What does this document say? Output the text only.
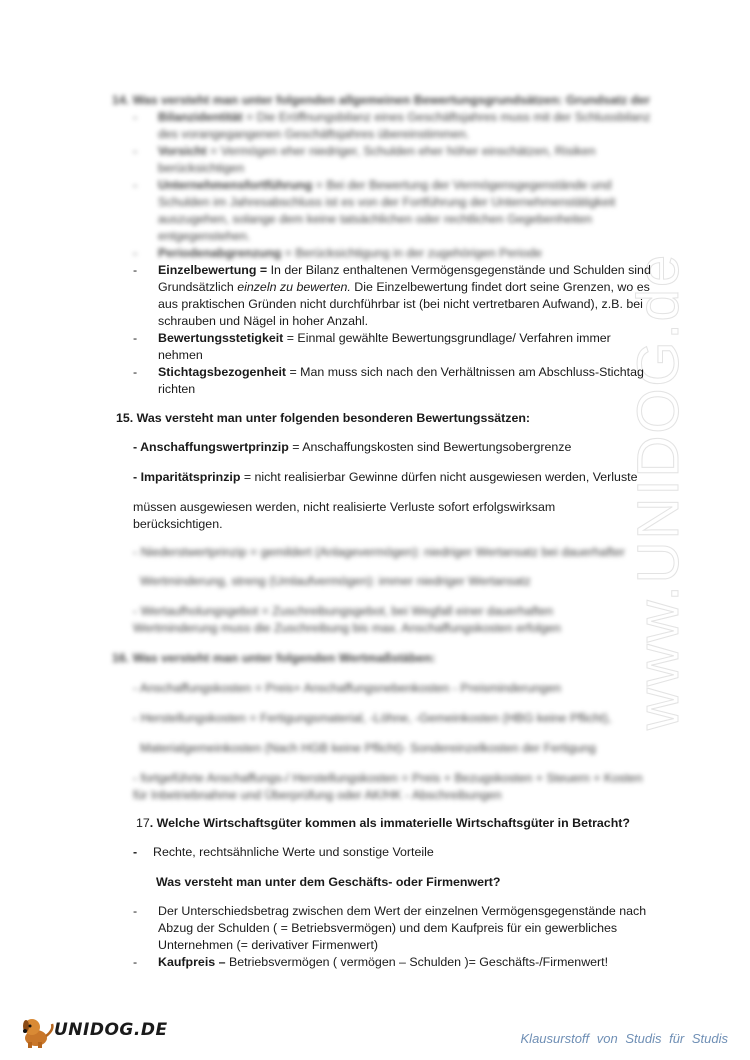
www.UNIDOG.de
14. Was versteht man unter folgenden allgemeinen Bewertungsgrundsätzen: Grundsatz der
- Bilanzidentität = Die Eröffnungsbilanz eines Geschäftsjahres muss mit der Schlussbilanz
des vorangegangenen Geschäftsjahres übereinstimmen.
- Vorsicht = Vermögen eher niedriger, Schulden eher höher einschätzen, Risiken
berücksichtigen
- Unternehmensfortführung = Bei der Bewertung der Vermögensgegenstände und
Schulden im Jahresabschluss ist es von der Fortführung der Unternehmenstätigkeit
auszugehen, solange dem keine tatsächlichen oder rechtlichen Gegebenheiten
entgegenstehen.
- Periodenabgrenzung = Berücksichtigung in der zugehörigen Periode
- Einzelbewertung = In der Bilanz enthaltenen Vermögensgegenstände und Schulden sind
Grundsätzlich einzeln zu bewerten. Die Einzelbewertung findet dort seine Grenzen, wo es
aus praktischen Gründen nicht durchführbar ist (bei nicht vertretbaren Aufwand), z.B. bei
schrauben und Nägel in hoher Anzahl.
- Bewertungsstetigkeit = Einmal gewählte Bewertungsgrundlage/ Verfahren immer
nehmen
- Stichtagsbezogenheit = Man muss sich nach den Verhältnissen am Abschluss-Stichtag
richten
15. Was versteht man unter folgenden besonderen Bewertungssätzen:
- Anschaffungswertprinzip = Anschaffungskosten sind Bewertungsobergrenze
- Imparitätsprinzip = nicht realisierbar Gewinne dürfen nicht ausgewiesen werden, Verluste
müssen ausgewiesen werden, nicht realisierte Verluste sofort erfolgswirksam
berücksichtigen.
- Niederstwertprinzip = gemildert (Anlagevermögen): niedriger Wertansatz bei dauerhafter
Wertminderung, streng (Umlaufvermögen): immer niedriger Wertansatz
- Wertaufholungsgebot = Zuschreibungsgebot, bei Wegfall einer dauerhaften
Wertminderung muss die Zuschreibung bis max. Anschaffungskosten erfolgen
16. Was versteht man unter folgenden Wertmaßstäben:
- Anschaffungskosten = Preis+ Anschaffungsnebenkosten - Preisminderungen
- Herstellungskosten = Fertigungsmaterial, -Löhne, -Gemeinkosten (HBG keine Pflicht),
Materialgemeinkosten (Nach HGB keine Pflicht)- Sondereinzelkosten der Fertigung
- fortgeführte Anschaffungs-/ Herstellungskosten = Preis + Bezugskosten + Steuern + Kosten
für Inbetriebnahme und Überprüfung oder AK/HK - Abschreibungen
17. Welche Wirtschaftsgüter kommen als immaterielle Wirtschaftsgüter in Betracht?
- Rechte, rechtsähnliche Werte und sonstige Vorteile
Was versteht man unter dem Geschäfts- oder Firmenwert?
- Der Unterschiedsbetrag zwischen dem Wert der einzelnen Vermögensgegenstände nach
Abzug der Schulden ( = Betriebsvermögen) und dem Kaufpreis für ein gewerbliches
Unternehmen (= derivativer Firmenwert)
- Kaufpreis – Betriebsvermögen ( vermögen – Schulden )= Geschäfts-/Firmenwert!
UNIDOG.DE	Klausurstoff von Studis für Studis
